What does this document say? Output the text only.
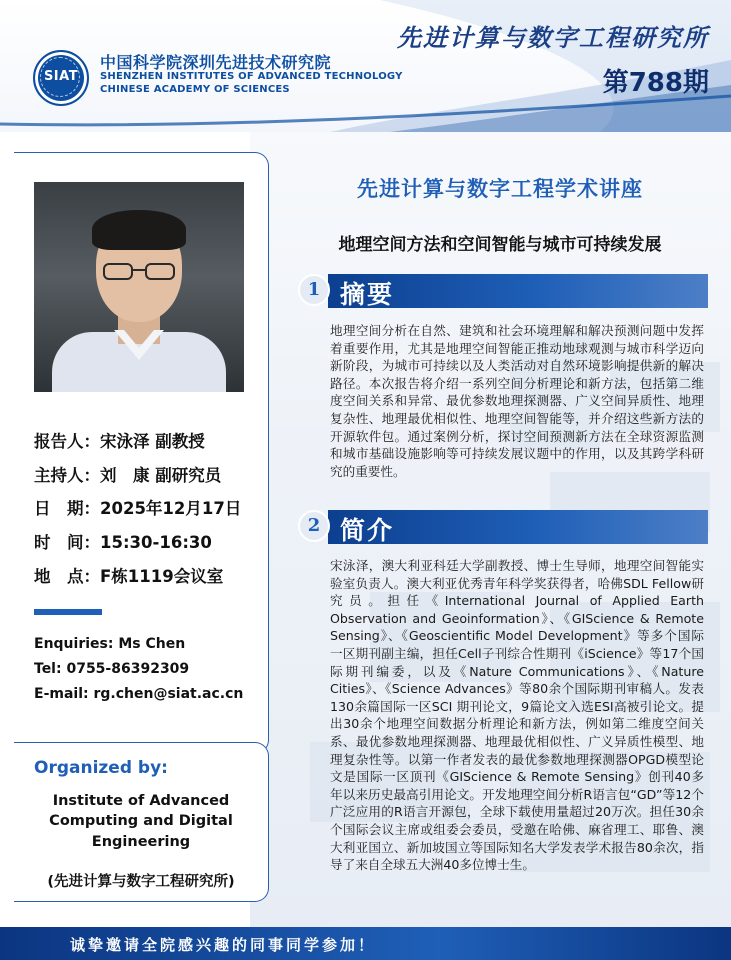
SIAT
中国科学院深圳先进技术研究院
SHENZHEN INSTITUTES OF ADVANCED TECHNOLOGY
CHINESE ACADEMY OF SCIENCES
先进计算与数字工程研究所
第788期
报告人：宋泳泽 副教授
主持人：刘　康 副研究员
日　期：2025年12月17日
时　间：15:30-16:30
地　点：F栋1119会议室
Enquiries: Ms Chen
Tel: 0755-86392309
E-mail: rg.chen@siat.ac.cn
Organized by:
Institute of Advanced
Computing and Digital
Engineering
(先进计算与数字工程研究所)
先进计算与数字工程学术讲座
地理空间方法和空间智能与城市可持续发展
摘要
1
地理空间分析在自然、建筑和社会环境理解和解决预测问题中发挥着重要作用，尤其是地理空间智能正推动地球观测与城市科学迈向新阶段，为城市可持续以及人类活动对自然环境影响提供新的解决路径。本次报告将介绍一系列空间分析理论和新方法，包括第二维度空间关系和异常、最优参数地理探测器、广义空间异质性、地理复杂性、地理最优相似性、地理空间智能等，并介绍这些新方法的开源软件包。通过案例分析，探讨空间预测新方法在全球资源监测和城市基础设施影响等可持续发展议题中的作用，以及其跨学科研究的重要性。
简介
2
宋泳泽，澳大利亚科廷大学副教授、博士生导师，地理空间智能实验室负责人。澳大利亚优秀青年科学奖获得者，哈佛SDL Fellow研究员。担任《International Journal of Applied Earth Observation and Geoinformation》、《GIScience & Remote Sensing》、《Geoscientific Model Development》等多个国际一区期刊副主编，担任Cell子刊综合性期刊《iScience》等17个国际期刊编委，以及《Nature Communications》、《Nature Cities》、《Science Advances》等80余个国际期刊审稿人。发表130余篇国际一区SCI 期刊论文，9篇论文入选ESI高被引论文。提出30余个地理空间数据分析理论和新方法，例如第二维度空间关系、最优参数地理探测器、地理最优相似性、广义异质性模型、地理复杂性等。以第一作者发表的最优参数地理探测器OPGD模型论文是国际一区顶刊《GIScience & Remote Sensing》创刊40多年以来历史最高引用论文。开发地理空间分析R语言包“GD”等12个广泛应用的R语言开源包，全球下载使用量超过20万次。担任30余个国际会议主席或组委会委员，受邀在哈佛、麻省理工、耶鲁、澳大利亚国立、新加坡国立等国际知名大学发表学术报告80余次，指导了来自全球五大洲40多位博士生。
诚挚邀请全院感兴趣的同事同学参加！
